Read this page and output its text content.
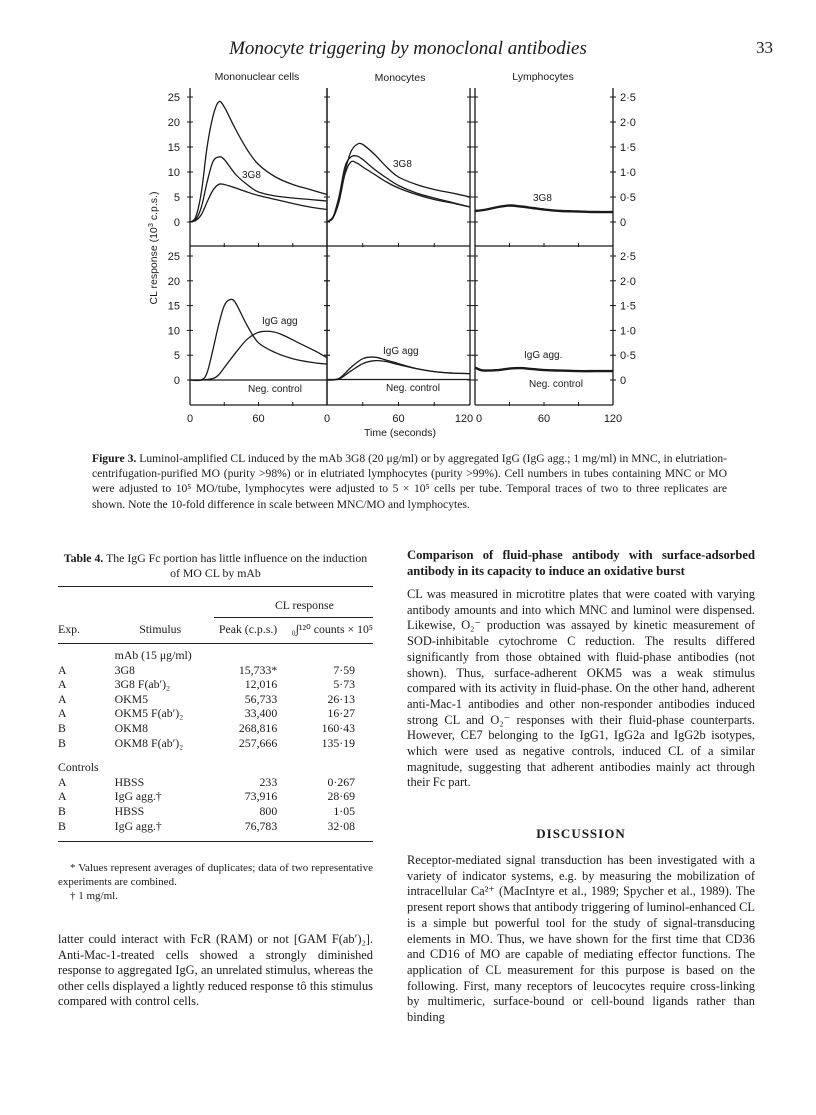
Monocyte triggering by monoclonal antibodies	33
Mononuclear cells	Monocytes	Lymphocytes
CL response ($10^3$ c.p.s.)
25
20
15
10
5
0
2·5
2·0
1·5
1·0
0·5
0
25
20
15
10
5
0
2·5
2·0
1·5
1·0
0·5
0
0	60	0	60	120 0	60	120
3G8
3G8
3G8
IgG agg
IgG agg	IgG agg.
Neg. control	Neg. control	Neg. control
Time (seconds)
Figure 3. Luminol-amplified CL induced by the mAb 3G8 (20 μg/ml) or by aggregated IgG (IgG agg.; 1 mg/ml) in MNC, in elutriation-centrifugation-purified MO (purity >98%) or in elutriated lymphocytes (purity >99%). Cell numbers in tubes containing MNC or MO were adjusted to 10⁵ MO/tube, lymphocytes were adjusted to 5 × 10⁵ cells per tube. Temporal traces of two to three replicates are shown. Note the 10-fold difference in scale between MNC/MO and lymphocytes.
Table 4. The IgG Fc portion has little influence on the induction of MO CL by mAb
		CL response	

Exp.	Stimulus	Peak (c.p.s.)	₀∫¹²⁰ counts × 10⁵

	mAb (15 μg/ml)		
A	3G8	15,733*	7·59
A	3G8 F(ab′)₂	12,016	5·73
A	OKM5	56,733	26·13
A	OKM5 F(ab′)₂	33,400	16·27
B	OKM8	268,816	160·43
B	OKM8 F(ab′)₂	257,666	135·19

Controls			
A	HBSS	233	0·267
A	IgG agg.†	73,916	28·69
B	HBSS	800	1·05
B	IgG agg.†	76,783	32·08

* Values represent averages of duplicates; data of two representative experiments are combined.
† 1 mg/ml.
latter could interact with FcR (RAM) or not [GAM F(ab′)₂]. Anti-Mac-1-treated cells showed a strongly diminished response to aggregated IgG, an unrelated stimulus, whereas the other cells displayed a lightly reduced response tô this stimulus compared with control cells.
Comparison of fluid-phase antibody with surface-adsorbed antibody in its capacity to induce an oxidative burst
CL was measured in microtitre plates that were coated with varying antibody amounts and into which MNC and luminol were dispensed. Likewise, O₂⁻ production was assayed by kinetic measurement of SOD-inhibitable cytochrome C reduction. The results differed significantly from those obtained with fluid-phase antibodies (not shown). Thus, surface-adherent OKM5 was a weak stimulus compared with its activity in fluid-phase. On the other hand, adherent anti-Mac-1 antibodies and other non-responder antibodies induced strong CL and O₂⁻ responses with their fluid-phase counterparts. However, CE7 belonging to the IgG1, IgG2a and IgG2b isotypes, which were used as negative controls, induced CL of a similar magnitude, suggesting that adherent antibodies mainly act through their Fc part.
DISCUSSION
Receptor-mediated signal transduction has been investigated with a variety of indicator systems, e.g. by measuring the mobilization of intracellular Ca²⁺ (MacIntyre et al., 1989; Spycher et al., 1989). The present report shows that antibody triggering of luminol-enhanced CL is a simple but powerful tool for the study of signal-transducing elements in MO. Thus, we have shown for the first time that CD36 and CD16 of MO are capable of mediating effector functions. The application of CL measurement for this purpose is based on the following. First, many receptors of leucocytes require cross-linking by multimeric, surface-bound or cell-bound ligands rather than binding
